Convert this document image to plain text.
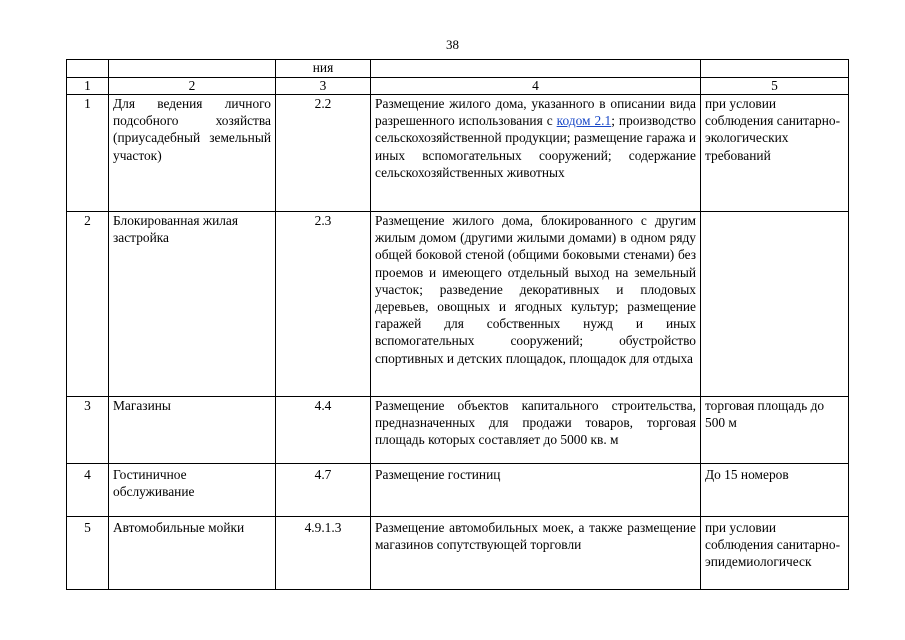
38
		ния		
1	2	3	4	5
1	Для ведения личного подсобного хозяйства (приусадебный земельный участок)	2.2	Размещение жилого дома, указанного в описании вида разрешенного использования с кодом 2.1; производство сельскохозяйственной продукции; размещение гаража и иных вспомогательных сооружений; содержание сельскохозяйственных животных	при условии соблюдения санитарно-экологических требований
2	Блокированная жилая застройка	2.3	Размещение жилого дома, блокированного с другим жилым домом (другими жилыми домами) в одном ряду общей боковой стеной (общими боковыми стенами) без проемов и имеющего отдельный выход на земельный участок; разведение декоративных и плодовых деревьев, овощных и ягодных культур; размещение гаражей для собственных нужд и иных вспомогательных сооружений; обустройство спортивных и детских площадок, площадок для отдыха	
3	Магазины	4.4	Размещение объектов капитального строительства, предназначенных для продажи товаров, торговая площадь которых составляет до 5000 кв. м	торговая площадь до 500 м
4	Гостиничное обслуживание	4.7	Размещение гостиниц	До 15 номеров
5	Автомобильные мойки	4.9.1.3	Размещение автомобильных моек, а также размещение магазинов сопутствующей торговли	при условии соблюдения санитарно-эпидемиологическ
